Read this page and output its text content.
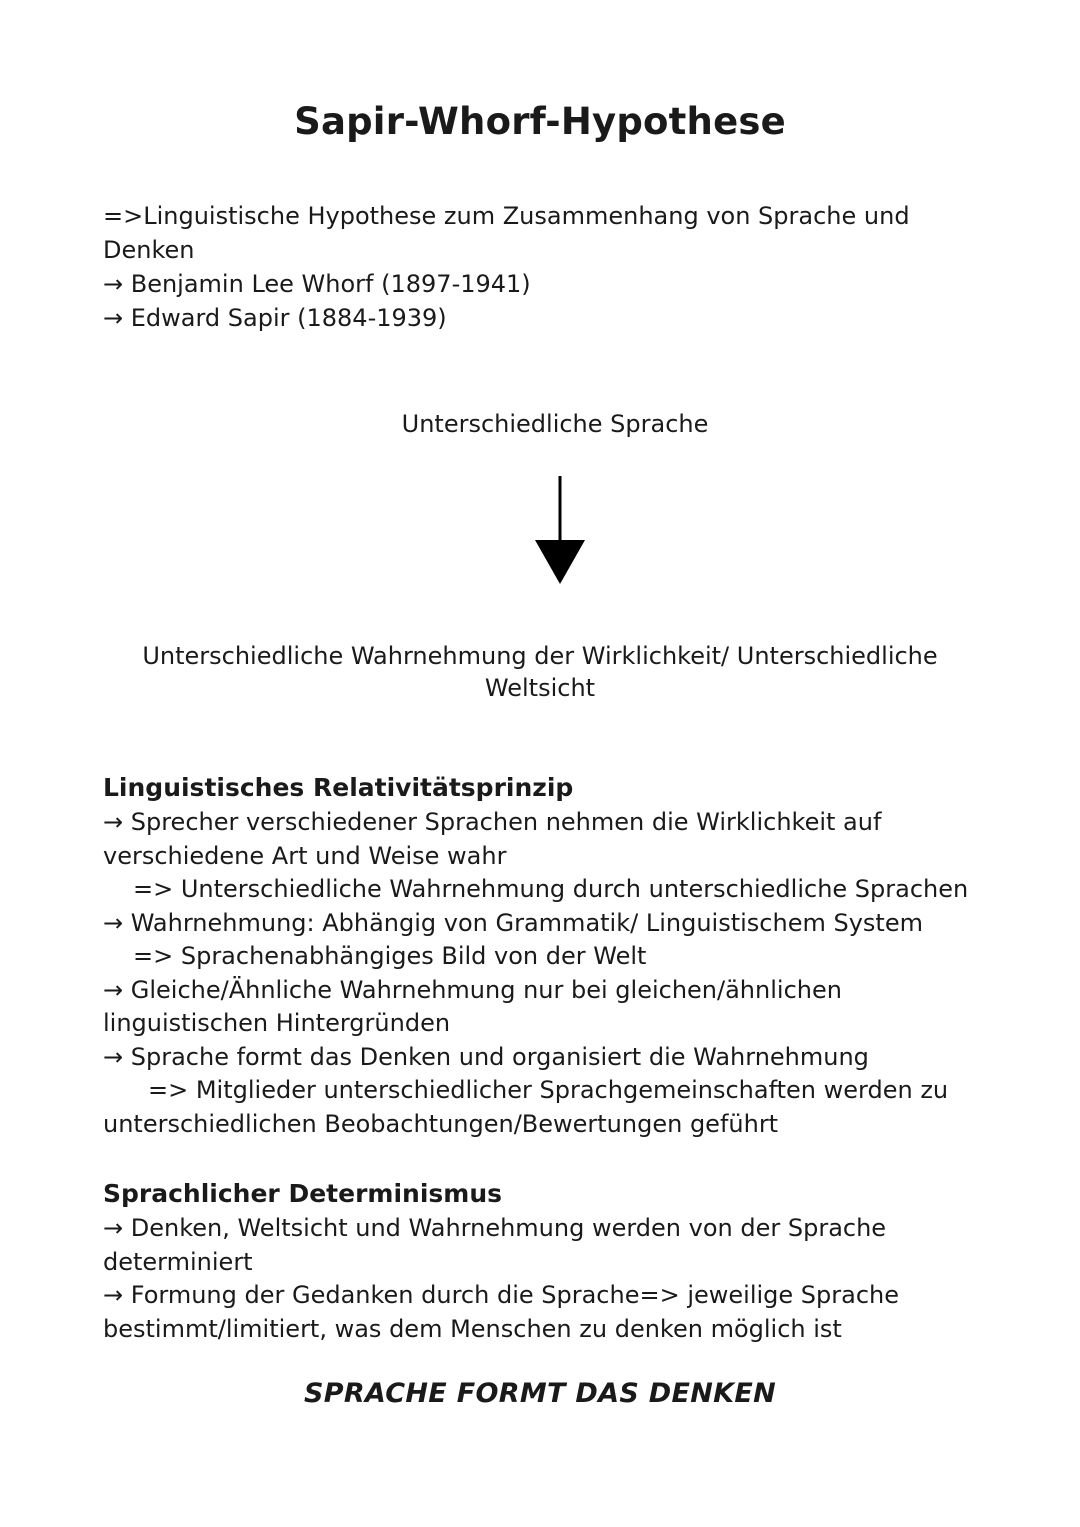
Sapir-Whorf-Hypothese
=>Linguistische Hypothese zum Zusammenhang von Sprache und
Denken
→ Benjamin Lee Whorf (1897-1941)
→ Edward Sapir (1884-1939)
Unterschiedliche Sprache
Unterschiedliche Wahrnehmung der Wirklichkeit/ Unterschiedliche
Weltsicht
Linguistisches Relativitätsprinzip
→ Sprecher verschiedener Sprachen nehmen die Wirklichkeit auf
verschiedene Art und Weise wahr
=> Unterschiedliche Wahrnehmung durch unterschiedliche Sprachen
→ Wahrnehmung: Abhängig von Grammatik/ Linguistischem System
=> Sprachenabhängiges Bild von der Welt
→ Gleiche/Ähnliche Wahrnehmung nur bei gleichen/ähnlichen
linguistischen Hintergründen
→ Sprache formt das Denken und organisiert die Wahrnehmung
=> Mitglieder unterschiedlicher Sprachgemeinschaften werden zu
unterschiedlichen Beobachtungen/Bewertungen geführt
Sprachlicher Determinismus
→ Denken, Weltsicht und Wahrnehmung werden von der Sprache
determiniert
→ Formung der Gedanken durch die Sprache=> jeweilige Sprache
bestimmt/limitiert, was dem Menschen zu denken möglich ist
SPRACHE FORMT DAS DENKEN
